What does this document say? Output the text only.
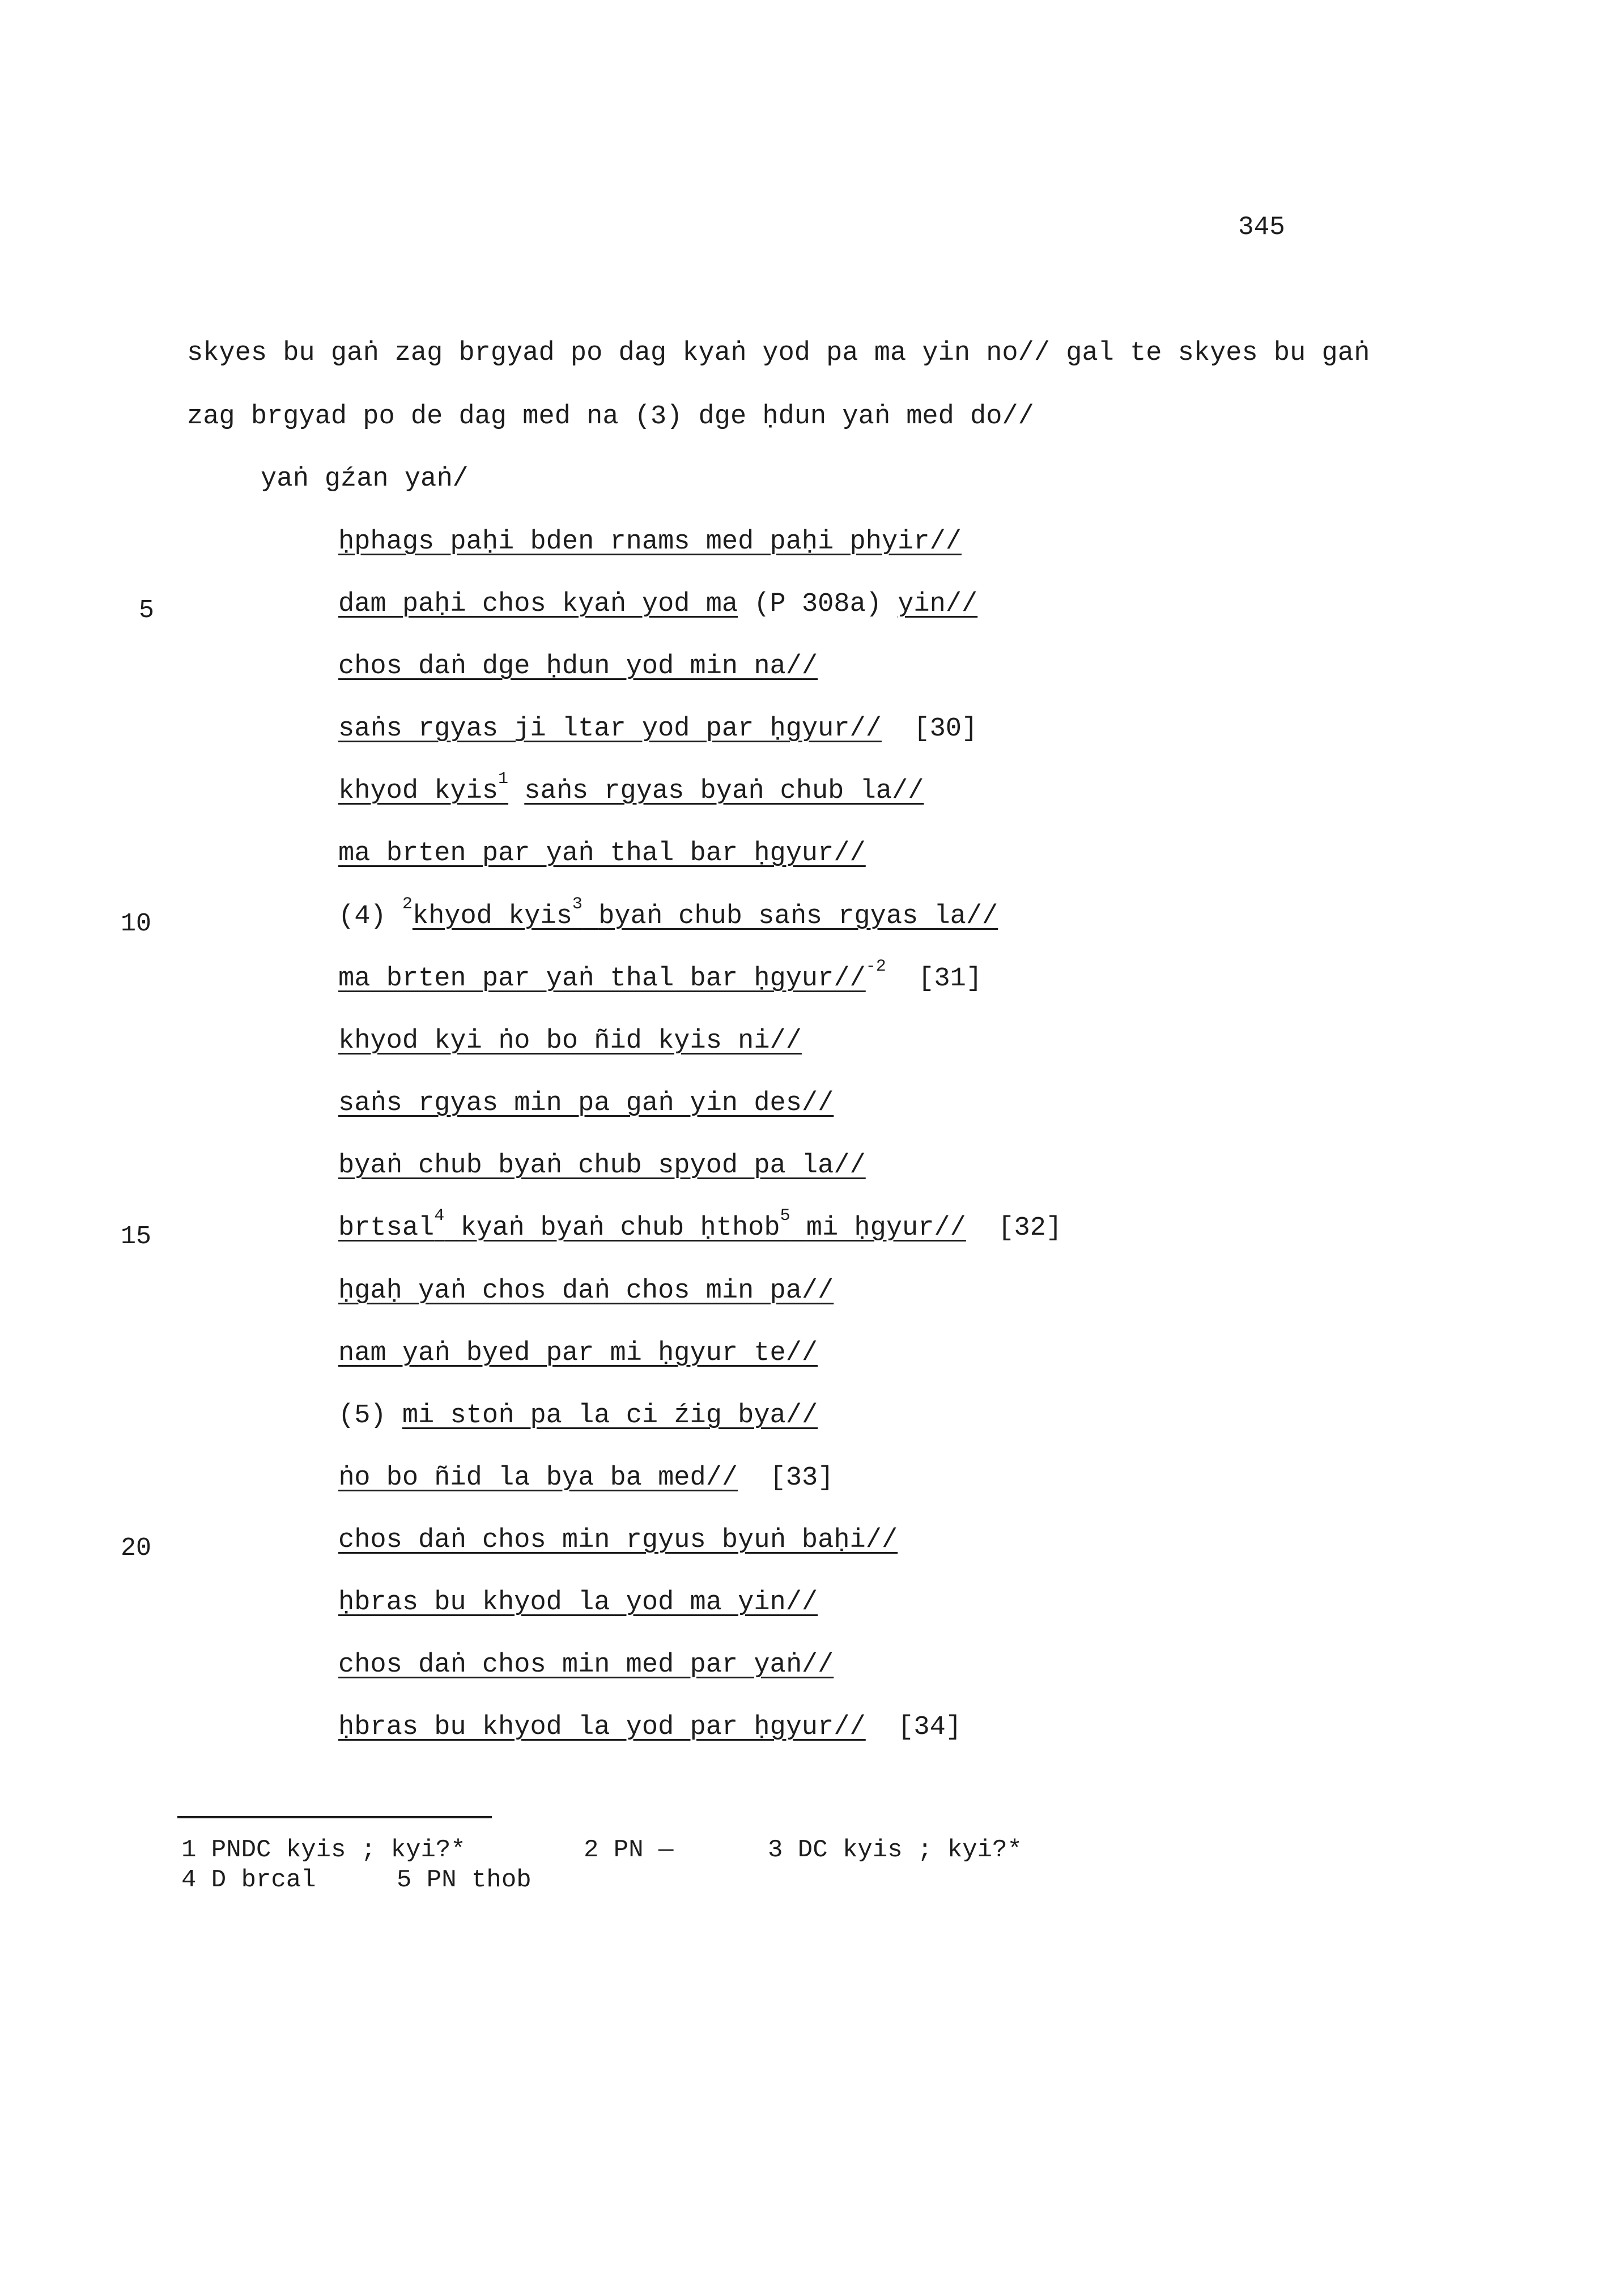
345
skyes bu gaṅ zag brgyad po dag kyaṅ yod pa ma yin no// gal te skyes bu gaṅ
zag brgyad po de dag med na (3) dge ḥdun yaṅ med do//
yaṅ gźan yaṅ/
5
10
15
20
ḥphags paḥi bden rnams med paḥi phyir//
dam paḥi chos kyaṅ yod ma (P 308a) yin//
chos daṅ dge ḥdun yod min na//
saṅs rgyas ji ltar yod par ḥgyur// [30]
khyod kyis$^1$ saṅs rgyas byaṅ chub la//
ma brten par yaṅ thal bar ḥgyur//
(4) $^2$khyod kyis$^3$ byaṅ chub saṅs rgyas la//
ma brten par yaṅ thal bar ḥgyur//$^{-2}$ [31]
khyod kyi ṅo bo ñid kyis ni//
saṅs rgyas min pa gaṅ yin des//
byaṅ chub byaṅ chub spyod pa la//
brtsal$^4$ kyaṅ byaṅ chub ḥthob$^5$ mi ḥgyur// [32]
ḥgaḥ yaṅ chos daṅ chos min pa//
nam yaṅ byed par mi ḥgyur te//
(5) mi stoṅ pa la ci źig bya//
ṅo bo ñid la bya ba med// [33]
chos daṅ chos min rgyus byuṅ baḥi//
ḥbras bu khyod la yod ma yin//
chos daṅ chos min med par yaṅ//
ḥbras bu khyod la yod par ḥgyur// [34]
1 PNDC kyis ; kyi?*	2 PN —	3 DC kyis ; kyi?*
4 D brcal	5 PN thob
